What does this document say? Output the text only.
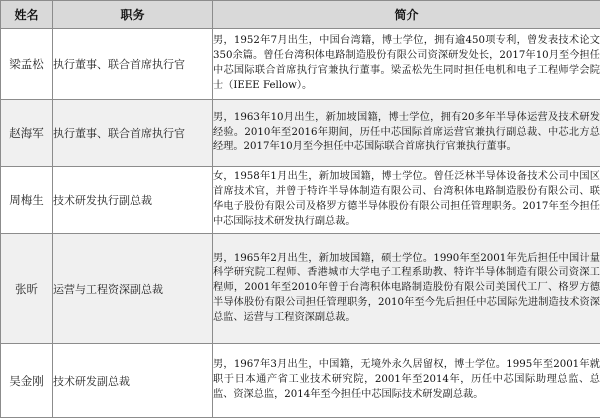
姓名	职务	简介
梁孟松	执行董事、联合首席执行官	男，1952年7月出生，中国台湾籍，博士学位，拥有逾450项专利，曾发表技术论文350余篇。曾任台湾积体电路制造股份有限公司资深研发处长，2017年10月至今担任中芯国际联合首席执行官兼执行董事。梁孟松先生同时担任电机和电子工程师学会院士（IEEE Fellow）。
赵海军	执行董事、联合首席执行官	男，1963年10月出生，新加坡国籍，博士学位，拥有20多年半导体运营及技术研发经验。2010年至2016年期间，历任中芯国际首席运营官兼执行副总裁、中芯北方总经理。2017年10月至今担任中芯国际联合首席执行官兼执行董事。
周梅生	技术研发执行副总裁	女，1958年1月出生，新加坡国籍，博士学位。曾任泛林半导体设备技术公司中国区首席技术官，并曾于特许半导体制造有限公司、台湾积体电路制造股份有限公司、联华电子股份有限公司及格罗方德半导体股份有限公司担任管理职务。2017年至今担任中芯国际技术研发执行副总裁。
张昕	运营与工程资深副总裁	男，1965年2月出生，新加坡国籍，硕士学位。1990年至2001年先后担任中国计量科学研究院工程师、香港城市大学电子工程系助教、特许半导体制造有限公司资深工程师，2001年至2010年曾于台湾积体电路制造股份有限公司美国代工厂、格罗方德半导体股份有限公司担任管理职务，2010年至今先后担任中芯国际先进制造技术资深总监、运营与工程资深副总裁。
吴金刚	技术研发副总裁	男，1967年3月出生，中国籍，无境外永久居留权，博士学位。1995年至2001年就职于日本通产省工业技术研究院，2001年至2014年，历任中芯国际助理总监、总监、资深总监，2014年至今担任中芯国际技术研发副总裁。
